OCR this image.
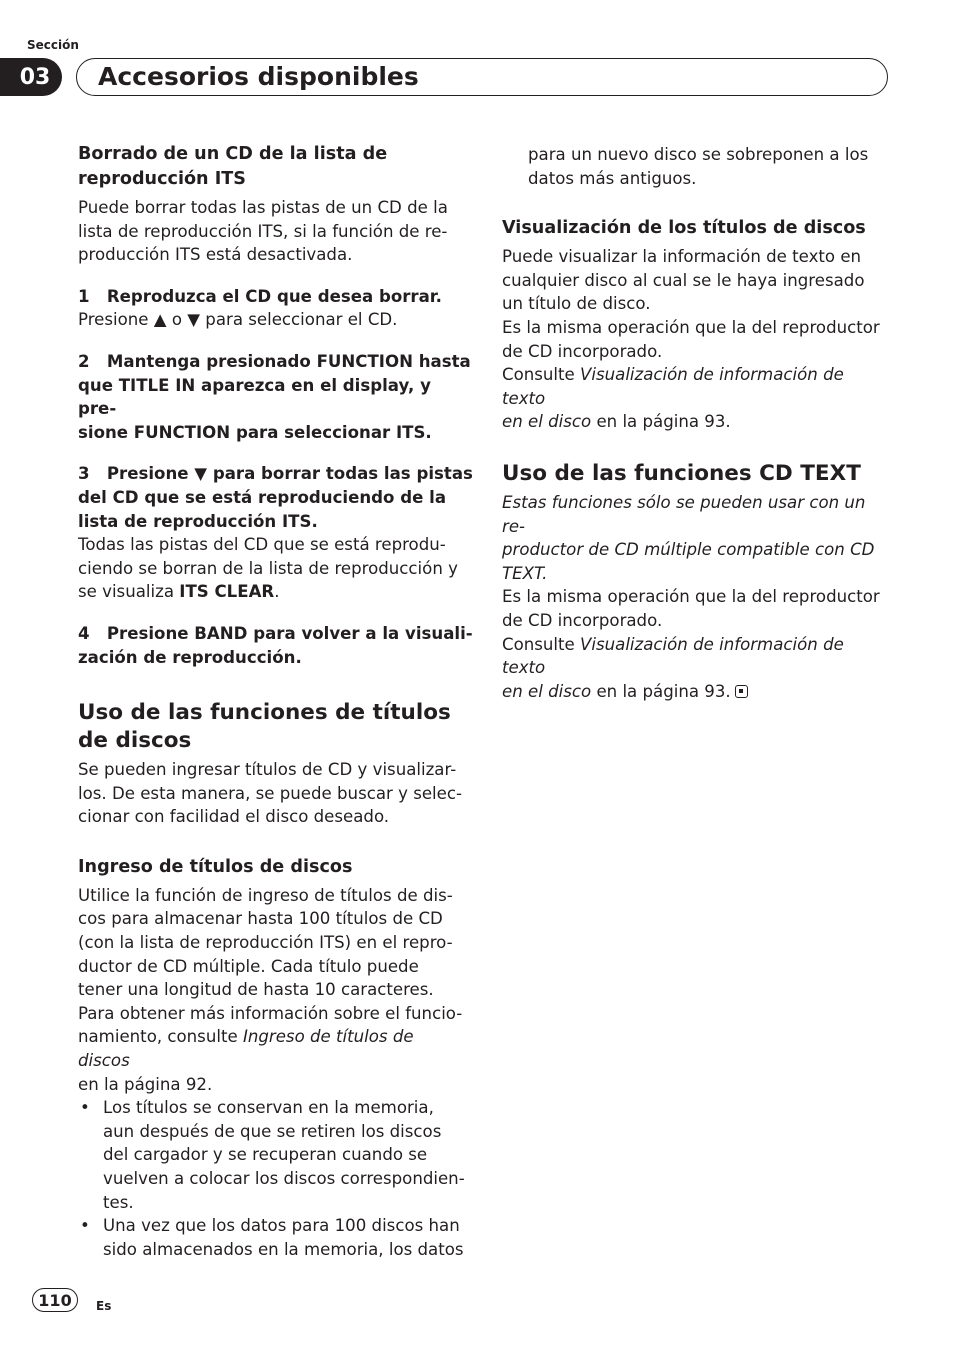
Sección
03	Accesorios disponibles

Borrado de un CD de la lista de

reproducción ITS

Puede borrar todas las pistas de un CD de la

lista de reproducción ITS, si la función de re-

producción ITS está desactivada.

1   Reproduzca el CD que desea borrar.

Presione ▲ o ▼ para seleccionar el CD.

2   Mantenga presionado FUNCTION hasta

que TITLE IN aparezca en el display, y pre-

sione FUNCTION para seleccionar ITS.

3   Presione ▼ para borrar todas las pistas

del CD que se está reproduciendo de la

lista de reproducción ITS.

Todas las pistas del CD que se está reprodu-

ciendo se borran de la lista de reproducción y

se visualiza ITS CLEAR.

4   Presione BAND para volver a la visuali-

zación de reproducción.

Uso de las funciones de títulos

de discos

Se pueden ingresar títulos de CD y visualizar-

los. De esta manera, se puede buscar y selec-

cionar con facilidad el disco deseado.

Ingreso de títulos de discos

Utilice la función de ingreso de títulos de dis-

cos para almacenar hasta 100 títulos de CD

(con la lista de reproducción ITS) en el repro-

ductor de CD múltiple. Cada título puede

tener una longitud de hasta 10 caracteres.

Para obtener más información sobre el funcio-

namiento, consulte Ingreso de títulos de discos

en la página 92.

• Los títulos se conservan en la memoria,

aun después de que se retiren los discos

del cargador y se recuperan cuando se

vuelven a colocar los discos correspondien-

tes.

• Una vez que los datos para 100 discos han

sido almacenados en la memoria, los datos

para un nuevo disco se sobreponen a los

datos más antiguos.

Visualización de los títulos de discos

Puede visualizar la información de texto en

cualquier disco al cual se le haya ingresado

un título de disco.

Es la misma operación que la del reproductor

de CD incorporado.

Consulte Visualización de información de texto

en el disco en la página 93.

Uso de las funciones CD TEXT

Estas funciones sólo se pueden usar con un re-

productor de CD múltiple compatible con CD

TEXT.

Es la misma operación que la del reproductor

de CD incorporado.

Consulte Visualización de información de texto

en el disco en la página 93.

110	Es
